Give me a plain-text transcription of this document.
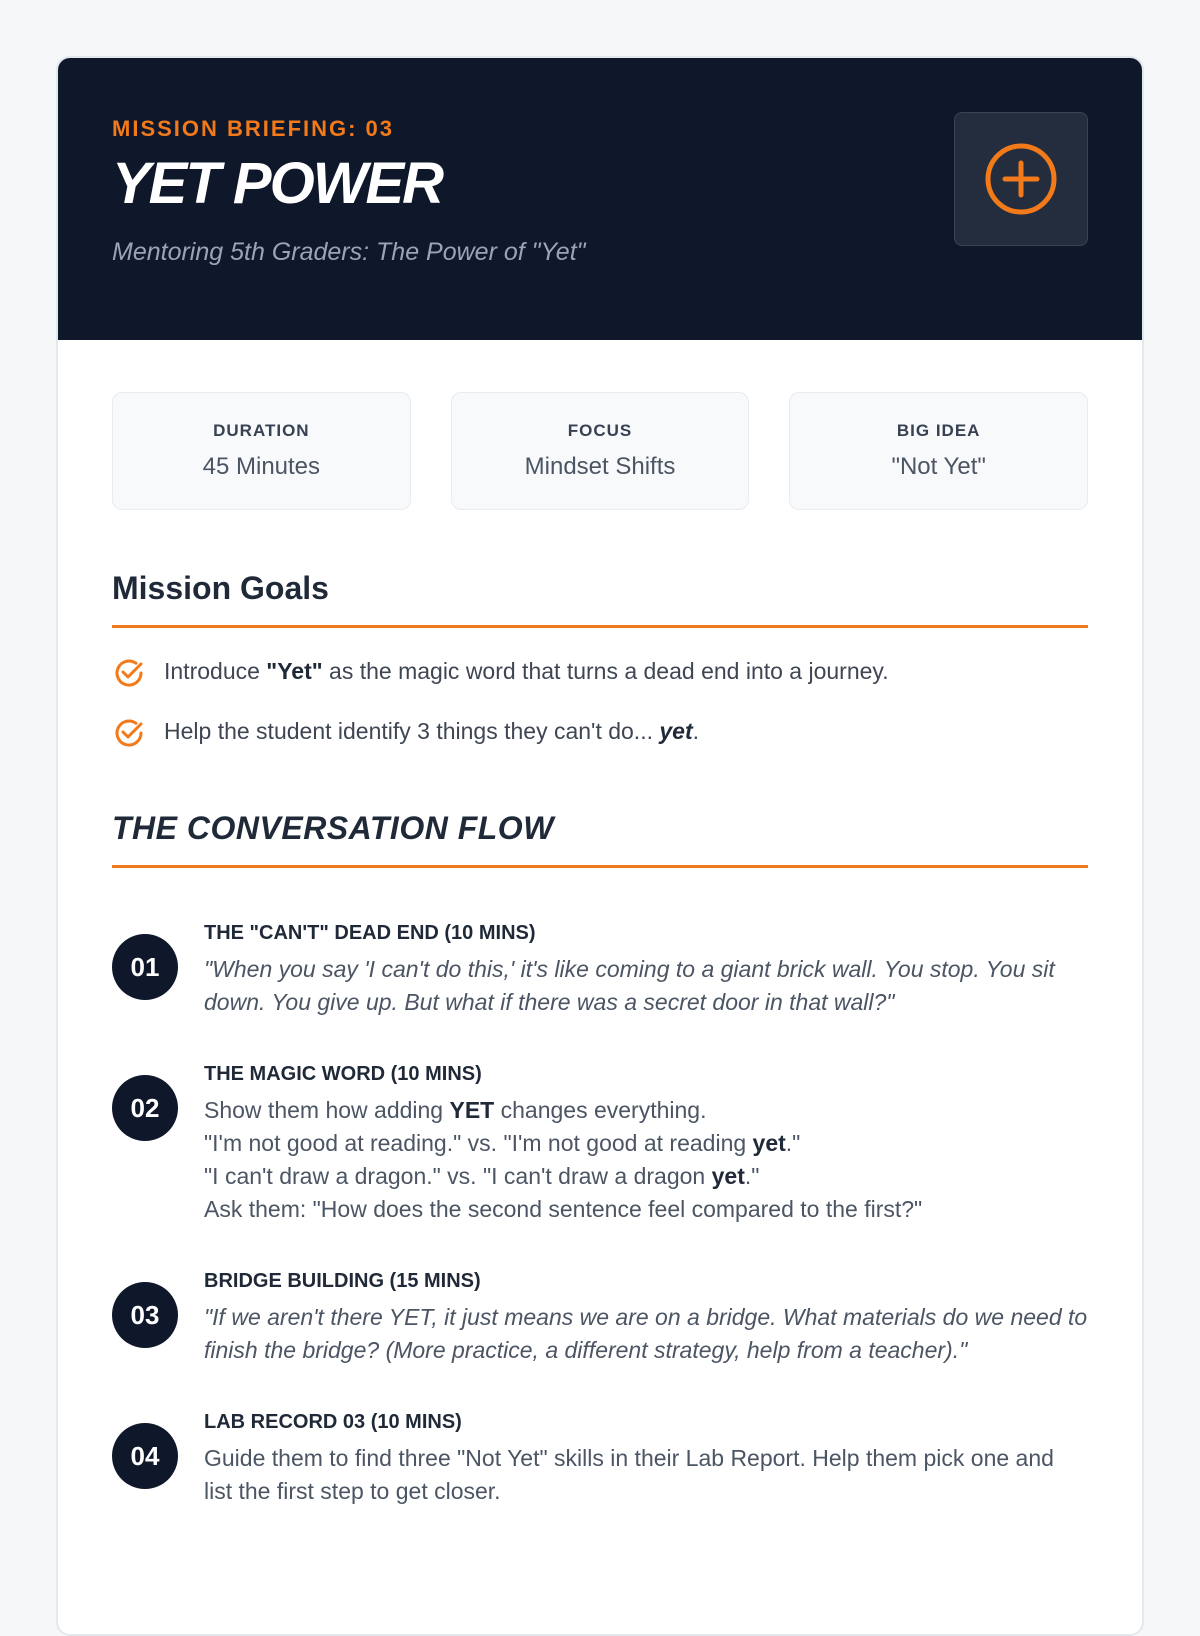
MISSION BRIEFING: 03
YET POWER
Mentoring 5th Graders: The Power of "Yet"
DURATION
45 Minutes
FOCUS
Mindset Shifts
BIG IDEA
"Not Yet"
Mission Goals
Introduce "Yet" as the magic word that turns a dead end into a journey.
Help the student identify 3 things they can't do... yet.
THE CONVERSATION FLOW
01
THE "CAN'T" DEAD END (10 MINS)
"When you say 'I can't do this,' it's like coming to a giant brick wall. You stop. You sit down. You give up. But what if there was a secret door in that wall?"
02
THE MAGIC WORD (10 MINS)
Show them how adding YET changes everything.
"I'm not good at reading." vs. "I'm not good at reading yet."
"I can't draw a dragon." vs. "I can't draw a dragon yet."
Ask them: "How does the second sentence feel compared to the first?"
03
BRIDGE BUILDING (15 MINS)
"If we aren't there YET, it just means we are on a bridge. What materials do we need to finish the bridge? (More practice, a different strategy, help from a teacher)."
04
LAB RECORD 03 (10 MINS)
Guide them to find three "Not Yet" skills in their Lab Report. Help them pick one and list the first step to get closer.
